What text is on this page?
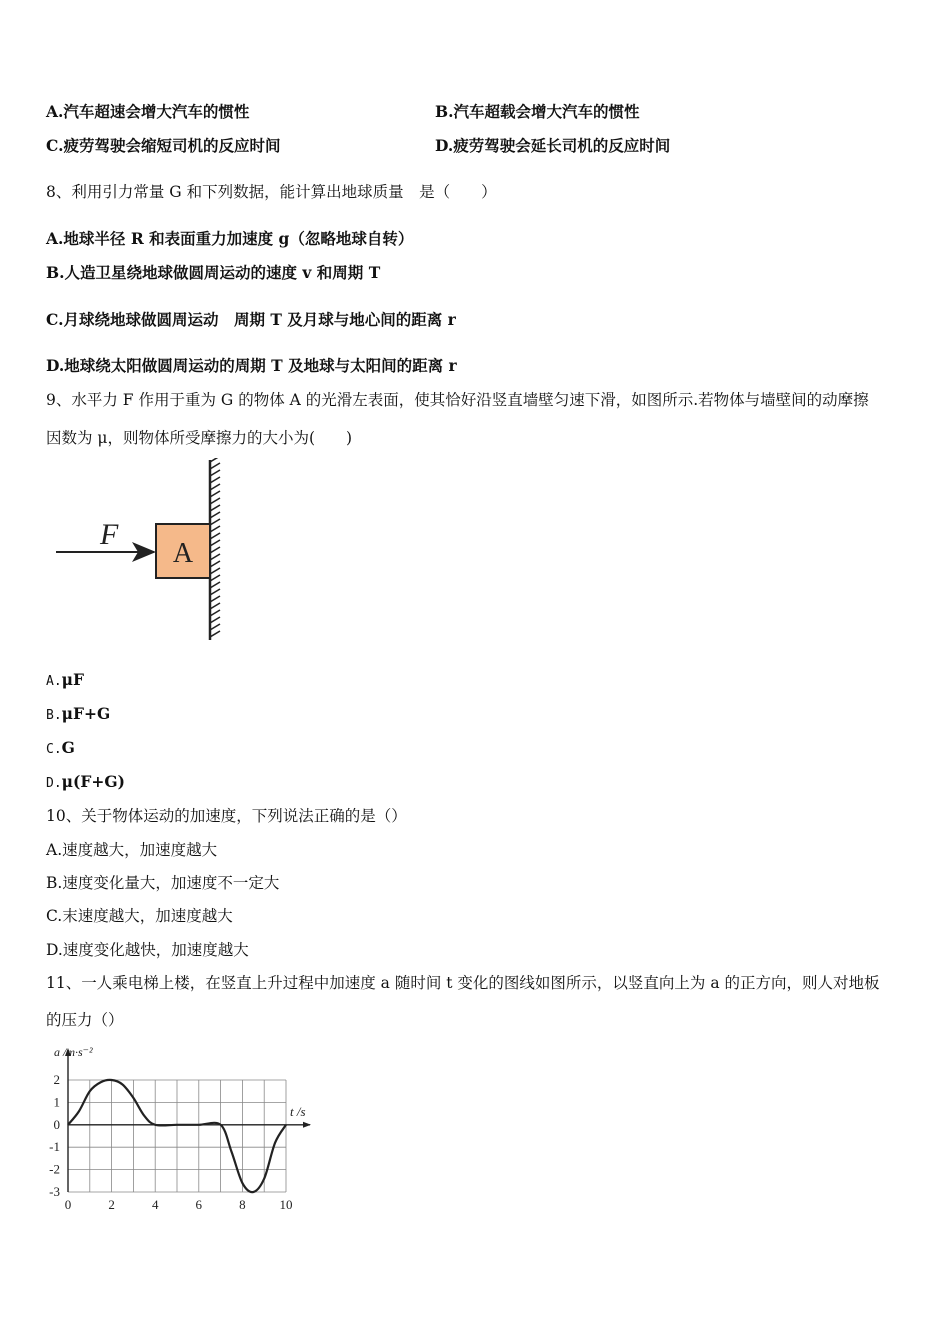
A.汽车超速会增大汽车的惯性	B.汽车超载会增大汽车的惯性
C.疲劳驾驶会缩短司机的反应时间	D.疲劳驾驶会延长司机的反应时间
8、利用引力常量 G 和下列数据，能计算出地球质量　是（　　）
A.地球半径 R 和表面重力加速度 g（忽略地球自转）
B.人造卫星绕地球做圆周运动的速度 v 和周期 T
C.月球绕地球做圆周运动　周期 T 及月球与地心间的距离 r
D.地球绕太阳做圆周运动的周期 T 及地球与太阳间的距离 r
9、水平力 F 作用于重为 G 的物体 A 的光滑左表面，使其恰好沿竖直墙壁匀速下滑，如图所示.若物体与墙壁间的动摩擦
因数为 μ，则物体所受摩擦力的大小为(　　)
F
A
A.μF
B.μF+G
C.G
D.μ(F+G)
10、关于物体运动的加速度，下列说法正确的是（）
A.速度越大，加速度越大
B.速度变化量大，加速度不一定大
C.末速度越大，加速度越大
D.速度变化越快，加速度越大
11、一人乘电梯上楼，在竖直上升过程中加速度 a 随时间 t 变化的图线如图所示，以竖直向上为 a 的正方向，则人对地板
的压力（）
0	2	4	6	8	10
2
1
0
-1
-2
-3
a /m·s⁻²
t /s
